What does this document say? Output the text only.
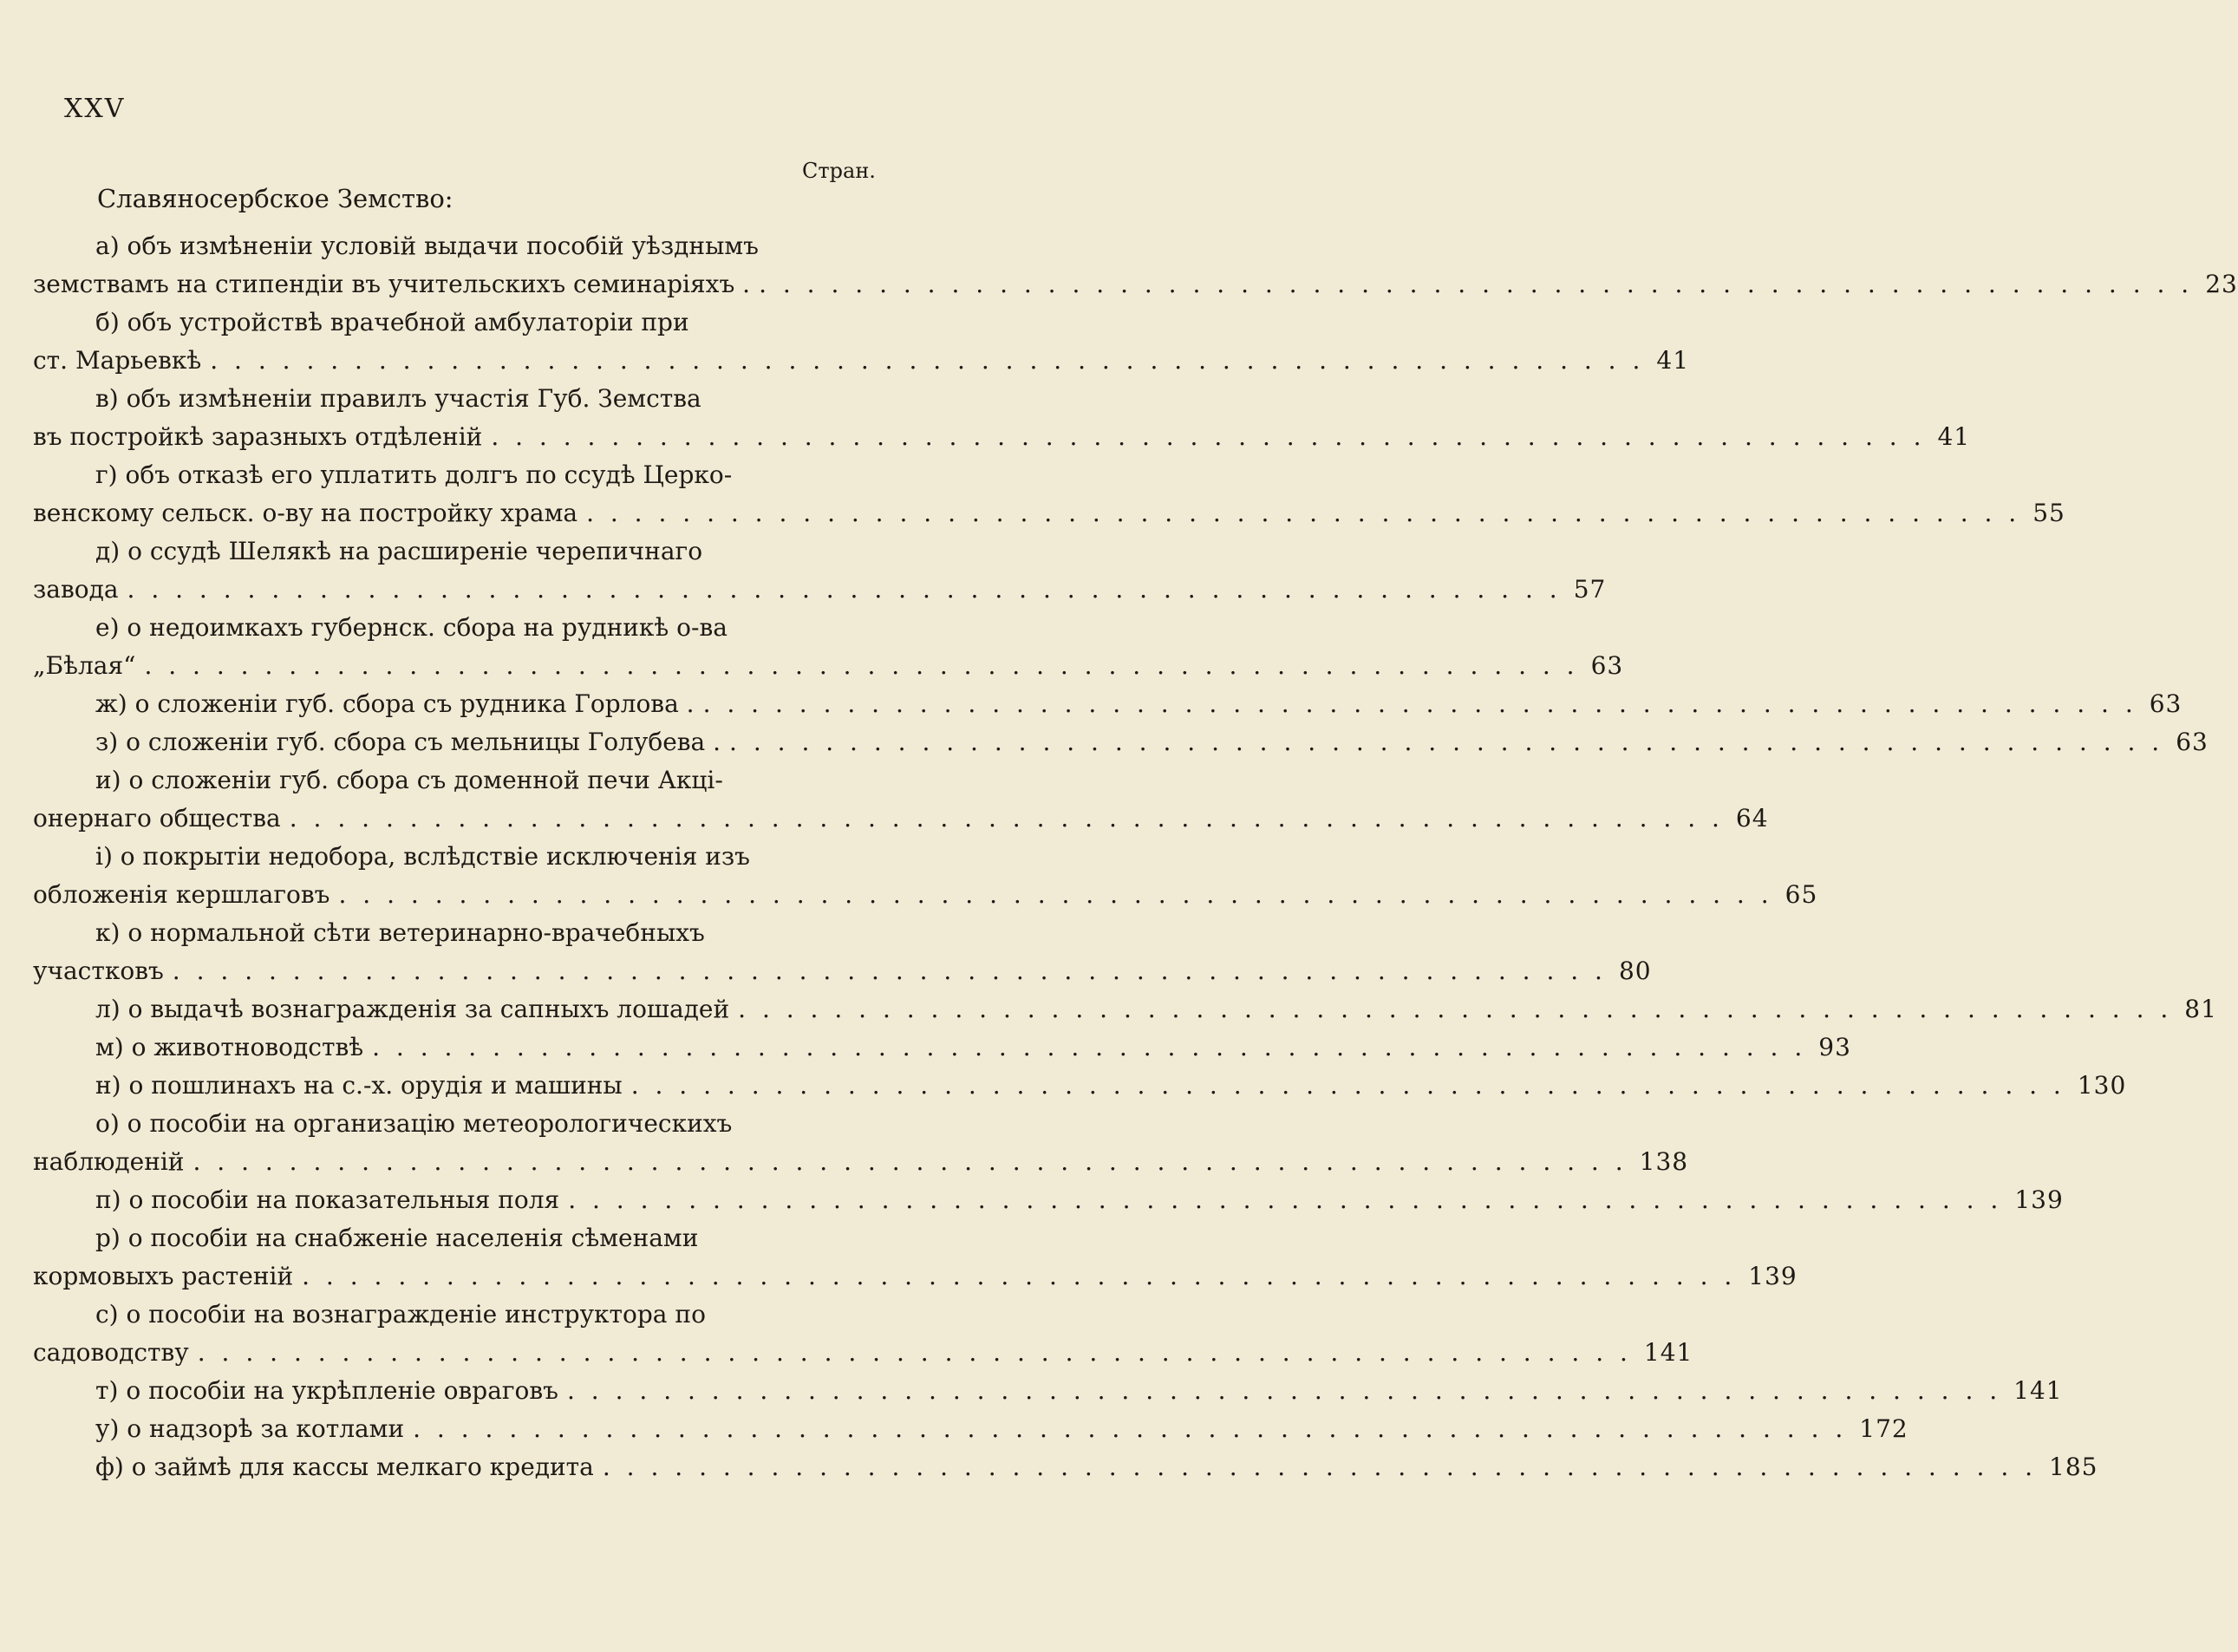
XXV
Стран.
Славяносербское Земство:
а) объ измѣненіи условій выдачи пособій уѣзднымъ
земствамъ на стипендіи въ учительскихъ семинаріяхъ . . . . . . . . . . . . . . . . . . . . . . . . . . . . . . . . . . . . . . . . . . . . . . . . . . . . . . . . . . . . . 23
б) объ устройствѣ врачебной амбулаторіи при
ст. Марьевкѣ . . . . . . . . . . . . . . . . . . . . . . . . . . . . . . . . . . . . . . . . . . . . . . . . . . . . . . . . . . . . 41
в) объ измѣненіи правилъ участія Губ. Земства
въ постройкѣ заразныхъ отдѣленій . . . . . . . . . . . . . . . . . . . . . . . . . . . . . . . . . . . . . . . . . . . . . . . . . . . . . . . . . . . . 41
г) объ отказѣ его уплатить долгъ по ссудѣ Церко-
венскому сельск. о-ву на постройку храма . . . . . . . . . . . . . . . . . . . . . . . . . . . . . . . . . . . . . . . . . . . . . . . . . . . . . . . . . . . . 55
д) о ссудѣ Шелякѣ на расширеніе черепичнаго
завода . . . . . . . . . . . . . . . . . . . . . . . . . . . . . . . . . . . . . . . . . . . . . . . . . . . . . . . . . . . . 57
е) о недоимкахъ губернск. сбора на рудникѣ о-ва
„Бѣлая“ . . . . . . . . . . . . . . . . . . . . . . . . . . . . . . . . . . . . . . . . . . . . . . . . . . . . . . . . . . . . 63
ж) о сложеніи губ. сбора съ рудника Горлова . . . . . . . . . . . . . . . . . . . . . . . . . . . . . . . . . . . . . . . . . . . . . . . . . . . . . . . . . . . . . 63
з) о сложеніи губ. сбора съ мельницы Голубева . . . . . . . . . . . . . . . . . . . . . . . . . . . . . . . . . . . . . . . . . . . . . . . . . . . . . . . . . . . . . 63
и) о сложеніи губ. сбора съ доменной печи Акці-
онернаго общества . . . . . . . . . . . . . . . . . . . . . . . . . . . . . . . . . . . . . . . . . . . . . . . . . . . . . . . . . . . . 64
і) о покрытіи недобора, вслѣдствіе исключенія изъ
обложенія кершлаговъ . . . . . . . . . . . . . . . . . . . . . . . . . . . . . . . . . . . . . . . . . . . . . . . . . . . . . . . . . . . . 65
к) о нормальной сѣти ветеринарно-врачебныхъ
участковъ . . . . . . . . . . . . . . . . . . . . . . . . . . . . . . . . . . . . . . . . . . . . . . . . . . . . . . . . . . . . 80
л) о выдачѣ вознагражденія за сапныхъ лошадей . . . . . . . . . . . . . . . . . . . . . . . . . . . . . . . . . . . . . . . . . . . . . . . . . . . . . . . . . . . . 81
м) о животноводствѣ . . . . . . . . . . . . . . . . . . . . . . . . . . . . . . . . . . . . . . . . . . . . . . . . . . . . . . . . . . . . 93
н) о пошлинахъ на с.-х. орудія и машины . . . . . . . . . . . . . . . . . . . . . . . . . . . . . . . . . . . . . . . . . . . . . . . . . . . . . . . . . . . . 130
о) о пособіи на организацію метеорологическихъ
наблюденій . . . . . . . . . . . . . . . . . . . . . . . . . . . . . . . . . . . . . . . . . . . . . . . . . . . . . . . . . . . . 138
п) о пособіи на показательныя поля . . . . . . . . . . . . . . . . . . . . . . . . . . . . . . . . . . . . . . . . . . . . . . . . . . . . . . . . . . . . 139
р) о пособіи на снабженіе населенія сѣменами
кормовыхъ растеній . . . . . . . . . . . . . . . . . . . . . . . . . . . . . . . . . . . . . . . . . . . . . . . . . . . . . . . . . . . . 139
с) о пособіи на вознагражденіе инструктора по
садоводству . . . . . . . . . . . . . . . . . . . . . . . . . . . . . . . . . . . . . . . . . . . . . . . . . . . . . . . . . . . . 141
т) о пособіи на укрѣпленіе овраговъ . . . . . . . . . . . . . . . . . . . . . . . . . . . . . . . . . . . . . . . . . . . . . . . . . . . . . . . . . . . . 141
у) о надзорѣ за котлами . . . . . . . . . . . . . . . . . . . . . . . . . . . . . . . . . . . . . . . . . . . . . . . . . . . . . . . . . . . . 172
ф) о займѣ для кассы мелкаго кредита . . . . . . . . . . . . . . . . . . . . . . . . . . . . . . . . . . . . . . . . . . . . . . . . . . . . . . . . . . . . 185
